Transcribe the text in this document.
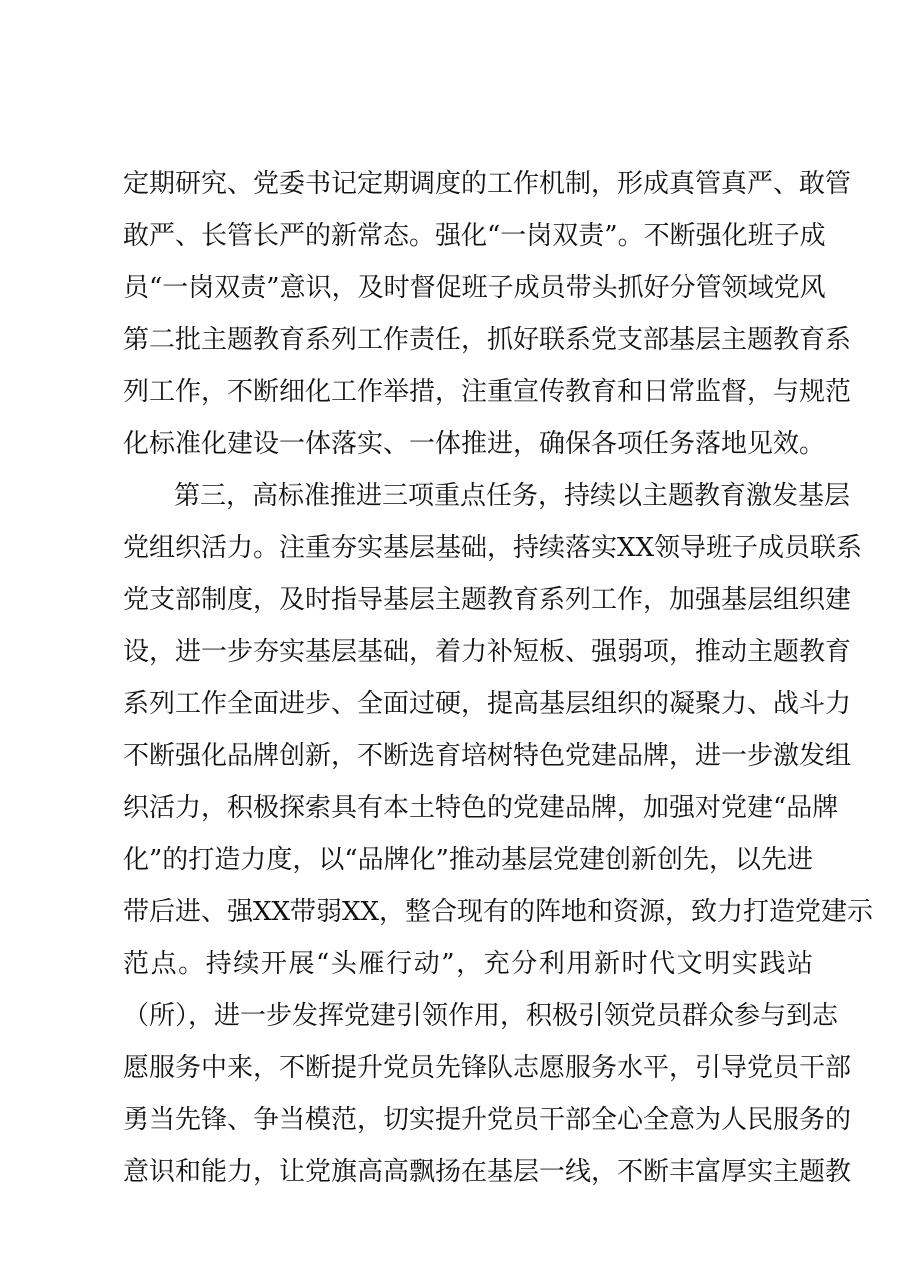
定期研究、党委书记定期调度的工作机制，形成真管真严、敢管
敢严、长管长严的新常态。强化“一岗双责”。不断强化班子成
员“一岗双责”意识，及时督促班子成员带头抓好分管领域党风
第二批主题教育系列工作责任，抓好联系党支部基层主题教育系
列工作，不断细化工作举措，注重宣传教育和日常监督，与规范
化标准化建设一体落实、一体推进，确保各项任务落地见效。
第三，高标准推进三项重点任务，持续以主题教育激发基层
党组织活力。注重夯实基层基础，持续落实XX领导班子成员联系
党支部制度，及时指导基层主题教育系列工作，加强基层组织建
设，进一步夯实基层基础，着力补短板、强弱项，推动主题教育
系列工作全面进步、全面过硬，提高基层组织的凝聚力、战斗力
不断强化品牌创新，不断选育培树特色党建品牌，进一步激发组
织活力，积极探索具有本土特色的党建品牌，加强对党建“品牌
化”的打造力度，以“品牌化”推动基层党建创新创先，以先进
带后进、强XX带弱XX，整合现有的阵地和资源，致力打造党建示
范点。持续开展“头雁行动”，充分利用新时代文明实践站
（所），进一步发挥党建引领作用，积极引领党员群众参与到志
愿服务中来，不断提升党员先锋队志愿服务水平，引导党员干部
勇当先锋、争当模范，切实提升党员干部全心全意为人民服务的
意识和能力，让党旗高高飘扬在基层一线，不断丰富厚实主题教
